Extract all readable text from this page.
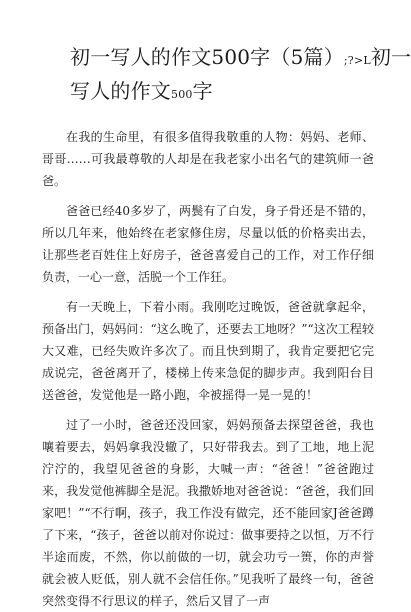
初一写人的作文500字（5篇）;?>L初一
写人的作文500字

在我的生命里，有很多值得我敬重的人物：妈妈、老师、哥哥……可我最尊敬的人却是在我老家小出名气的建筑师一爸爸。

爸爸已经40多岁了，两鬓有了白发，身子骨还是不错的，所以几年来，他始终在老家修住房，尽量以低的价格卖出去，让那些老百姓住上好房子，爸爸喜爱自己的工作，对工作仔细负责，一心一意，活脱一个工作狂。

有一天晚上，下着小雨。我刚吃过晚饭，爸爸就拿起伞，预备出门，妈妈问：“这么晚了，还要去工地呀？”“这次工程较大又难，已经失败许多次了。而且快到期了，我肯定要把它完成说完，爸爸离开了，楼梯上传来急促的脚步声。我到阳台目送爸爸，发觉他是一路小跑，伞被摇得一晃一晃的！

过了一小时，爸爸还没回家，妈妈预备去探望爸爸，我也嚷着要去，妈妈拿我没辙了，只好带我去。到了工地，地上泥泞泞的，我望见爸爸的身影，大喊一声：“爸爸！”爸爸跑过来，我发觉他裤脚全是泥。我撒娇地对爸爸说：“爸爸，我们回家吧！”“不行啊，孩子，我工作没有做完，还不能回家J爸爸蹲了下来，“孩子，爸爸以前对你说过：做事要持之以恒，万不行半途而废，不然，你以前做的一切，就会功亏一篑，你的声誉就会被人贬低，别人就不会信任你。”见我听了最终一句，爸爸突然变得不行思议的样子，然后又冒了一声
